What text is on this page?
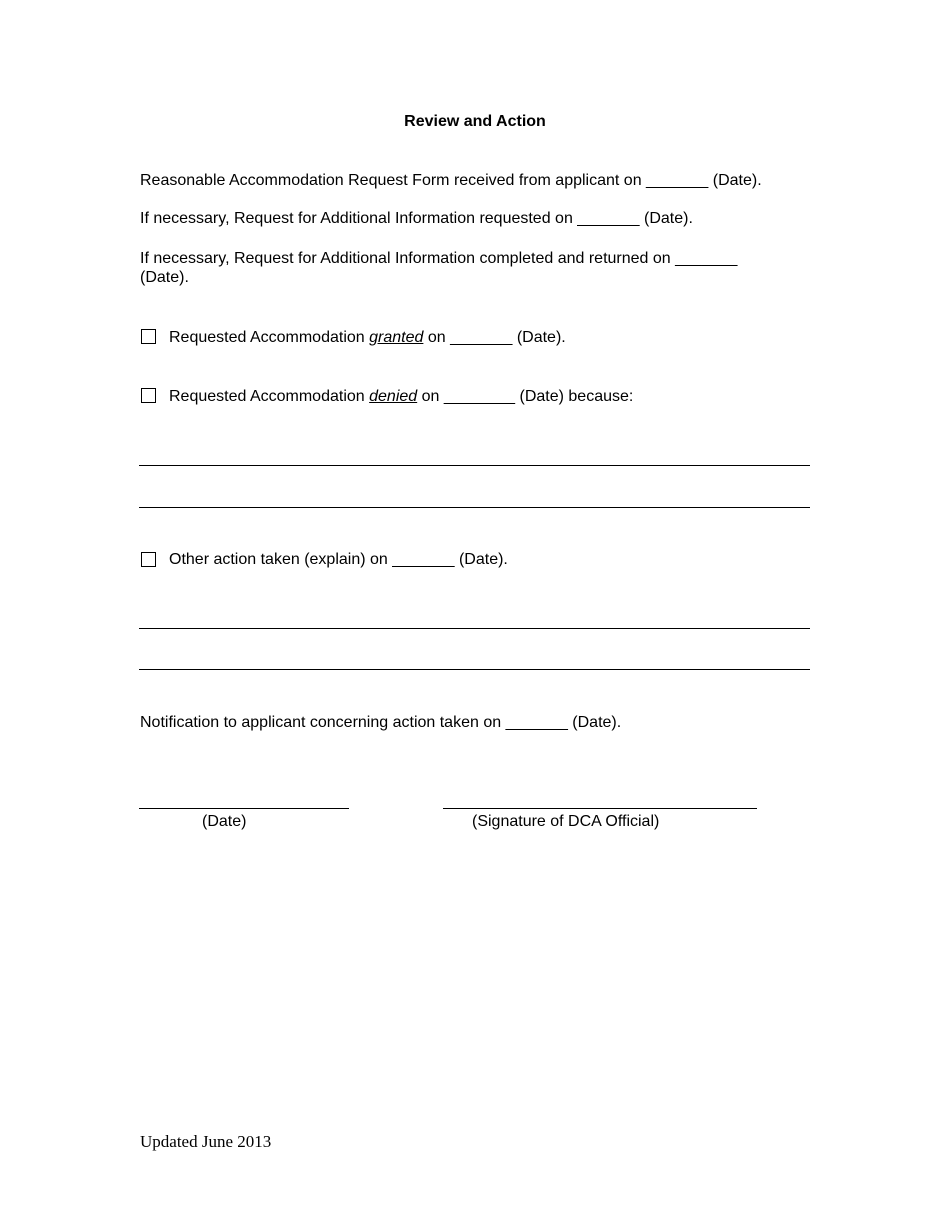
Review and Action
Reasonable Accommodation Request Form received from applicant on _______ (Date).
If necessary, Request for Additional Information requested on _______ (Date).
If necessary, Request for Additional Information completed and returned on _______
(Date).
Requested Accommodation granted on _______ (Date).
Requested Accommodation denied on ________ (Date) because:
Other action taken (explain) on _______ (Date).
Notification to applicant concerning action taken on _______ (Date).
(Date)	(Signature of DCA Official)
Updated June 2013
